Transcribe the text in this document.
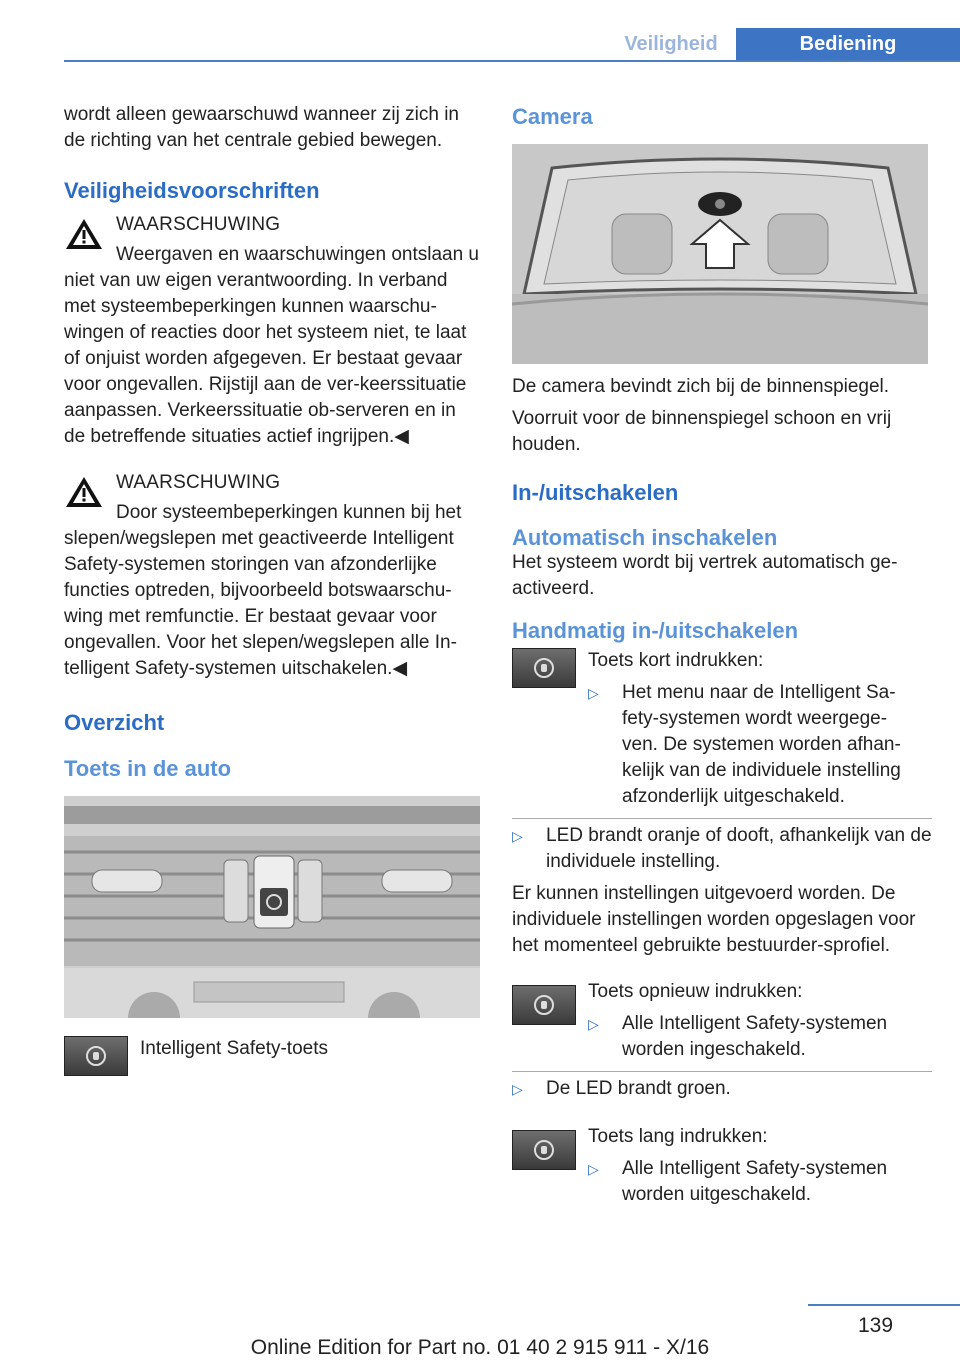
Veiligheid	Bediening

wordt alleen gewaarschuwd wanneer zij zich in de richting van het centrale gebied bewegen.

Veiligheidsvoorschriften
WAARSCHUWING

Weergaven en waarschuwingen ontslaan u niet van uw eigen verantwoording. In verband met systeembeperkingen kunnen waarschu-wingen of reacties door het systeem niet, te laat of onjuist worden afgegeven. Er bestaat gevaar voor ongevallen. Rijstijl aan de ver-keerssituatie aanpassen. Verkeerssituatie ob-serveren en in de betreffende situaties actief ingrijpen.◀

WAARSCHUWING

Door systeembeperkingen kunnen bij het slepen/wegslepen met geactiveerde Intelligent Safety-systemen storingen van afzonderlijke functies optreden, bijvoorbeeld botswaarschu-wing met remfunctie. Er bestaat gevaar voor ongevallen. Voor het slepen/wegslepen alle In-telligent Safety-systemen uitschakelen.◀

Overzicht
Toets in de auto
Intelligent Safety-toets
Camera

De camera bevindt zich bij de binnenspiegel.

Voorruit voor de binnenspiegel schoon en vrij houden.

In-/uitschakelen
Automatisch inschakelen

Het systeem wordt bij vertrek automatisch ge-activeerd.

Handmatig in-/uitschakelen
Toets kort indrukken:
▷	Het menu naar de Intelligent Sa-fety-systemen wordt weergege-ven. De systemen worden afhan-kelijk van de individuele instelling afzonderlijk uitgeschakeld.
▷	LED brandt oranje of dooft, afhankelijk van de individuele instelling.

Er kunnen instellingen uitgevoerd worden. De individuele instellingen worden opgeslagen voor het momenteel gebruikte bestuurder-sprofiel.

Toets opnieuw indrukken:
▷	Alle Intelligent Safety-systemen worden ingeschakeld.
▷	De LED brandt groen.
Toets lang indrukken:
▷	Alle Intelligent Safety-systemen worden uitgeschakeld.
139
Online Edition for Part no. 01 40 2 915 911 - X/16
